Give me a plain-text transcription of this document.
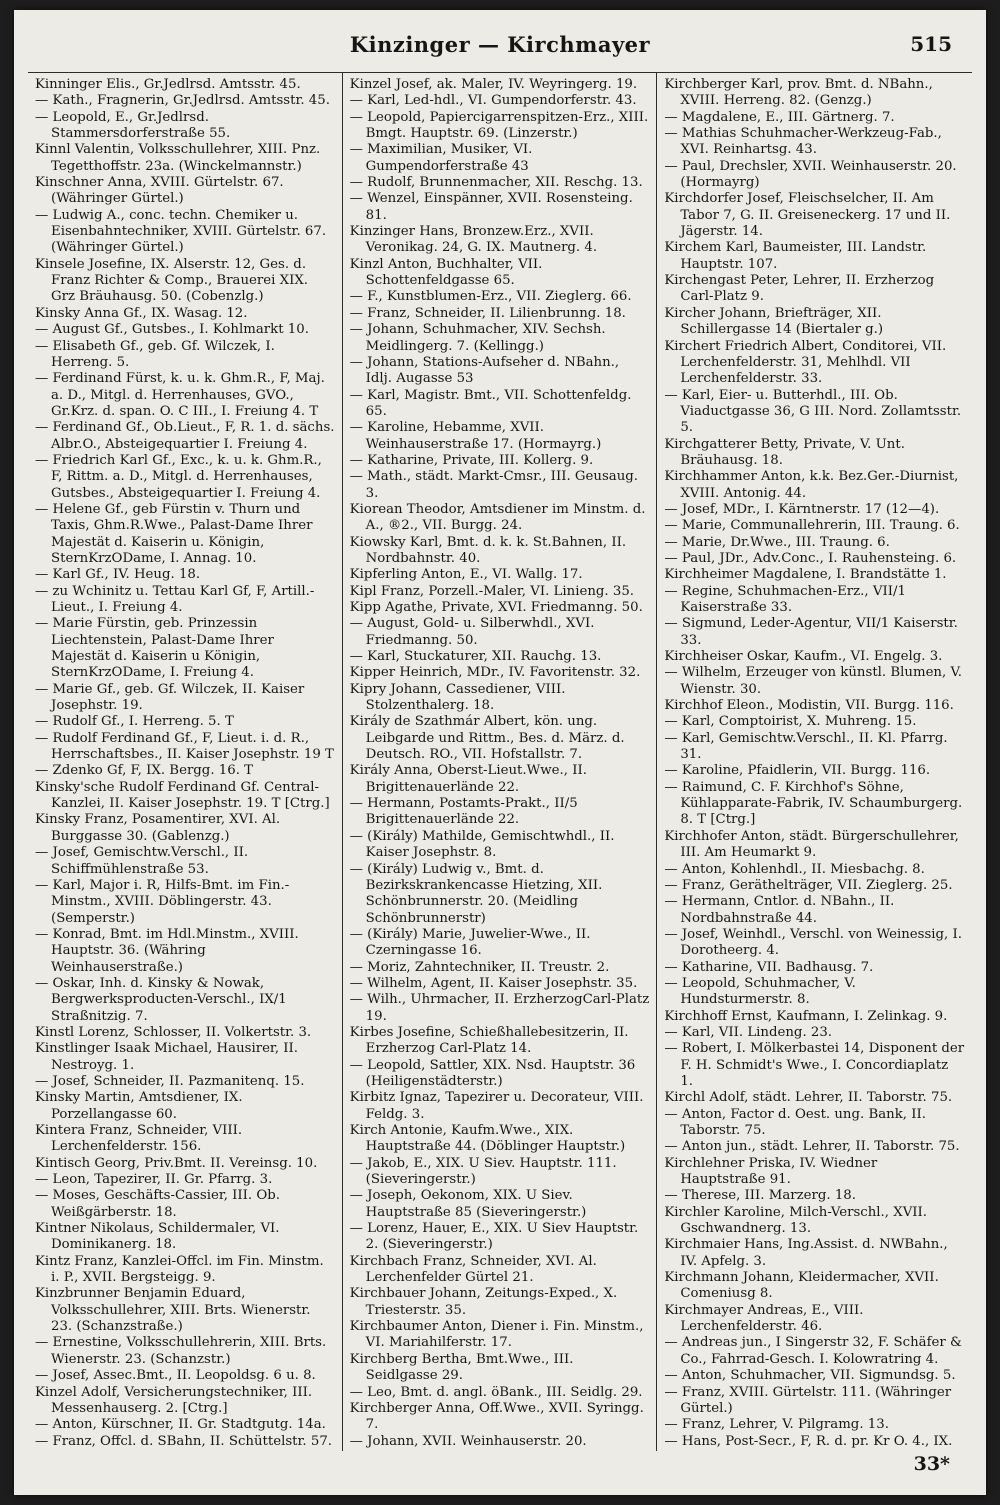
Kinzinger — Kirchmayer	515

Kinninger Elis., Gr.Jedlrsd. Amtsstr. 45.

— Kath., Fragnerin, Gr.Jedlrsd. Amtsstr. 45.

— Leopold, E., Gr.Jedlrsd. Stammersdorferstraße 55.

Kinnl Valentin, Volksschullehrer, XIII. Pnz. Tegetthoffstr. 23a. (Winckelmannstr.)

Kinschner Anna, XVIII. Gürtelstr. 67. (Währinger Gürtel.)

— Ludwig A., conc. techn. Chemiker u. Eisenbahntechniker, XVIII. Gürtelstr. 67. (Währinger Gürtel.)

Kinsele Josefine, IX. Alserstr. 12, Ges. d. Franz Richter & Comp., Brauerei XIX. Grz Bräuhausg. 50. (Cobenzlg.)

Kinsky Anna Gf., IX. Wasag. 12.

— August Gf., Gutsbes., I. Kohlmarkt 10.

— Elisabeth Gf., geb. Gf. Wilczek, I. Herreng. 5.

— Ferdinand Fürst, k. u. k. Ghm.R., F, Maj. a. D., Mitgl. d. Herrenhauses, GVO., Gr.Krz. d. span. O. C III., I. Freiung 4. T

— Ferdinand Gf., Ob.Lieut., F, R. 1. d. sächs. Albr.O., Absteigequartier I. Freiung 4.

— Friedrich Karl Gf., Exc., k. u. k. Ghm.R., F, Rittm. a. D., Mitgl. d. Herrenhauses, Gutsbes., Absteigequartier I. Freiung 4.

— Helene Gf., geb Fürstin v. Thurn und Taxis, Ghm.R.Wwe., Palast-Dame Ihrer Majestät d. Kaiserin u. Königin, SternKrzODame, I. Annag. 10.

— Karl Gf., IV. Heug. 18.

— zu Wchinitz u. Tettau Karl Gf, F, Artill.-Lieut., I. Freiung 4.

— Marie Fürstin, geb. Prinzessin Liechtenstein, Palast-Dame Ihrer Majestät d. Kaiserin u Königin, SternKrzODame, I. Freiung 4.

— Marie Gf., geb. Gf. Wilczek, II. Kaiser Josephstr. 19.

— Rudolf Gf., I. Herreng. 5. T

— Rudolf Ferdinand Gf., F, Lieut. i. d. R., Herrschaftsbes., II. Kaiser Josephstr. 19 T

— Zdenko Gf, F, IX. Bergg. 16. T

Kinsky'sche Rudolf Ferdinand Gf. Central-Kanzlei, II. Kaiser Josephstr. 19. T [Ctrg.]

Kinsky Franz, Posamentirer, XVI. Al. Burggasse 30. (Gablenzg.)

— Josef, Gemischtw.Verschl., II. Schiffmühlenstraße 53.

— Karl, Major i. R, Hilfs-Bmt. im Fin.-Minstm., XVIII. Döblingerstr. 43. (Semperstr.)

— Konrad, Bmt. im Hdl.Minstm., XVIII. Hauptstr. 36. (Währing Weinhauserstraße.)

— Oskar, Inh. d. Kinsky & Nowak, Bergwerksproducten-Verschl., IX/1 Straßnitzig. 7.

Kinstl Lorenz, Schlosser, II. Volkertstr. 3.

Kinstlinger Isaak Michael, Hausirer, II. Nestroyg. 1.

— Josef, Schneider, II. Pazmanitenq. 15.

Kinsky Martin, Amtsdiener, IX. Porzellangasse 60.

Kintera Franz, Schneider, VIII. Lerchenfelderstr. 156.

Kintisch Georg, Priv.Bmt. II. Vereinsg. 10.

— Leon, Tapezirer, II. Gr. Pfarrg. 3.

— Moses, Geschäfts-Cassier, III. Ob. Weißgärberstr. 18.

Kintner Nikolaus, Schildermaler, VI. Dominikanerg. 18.

Kintz Franz, Kanzlei-Offcl. im Fin. Minstm. i. P., XVII. Bergsteigg. 9.

Kinzbrunner Benjamin Eduard, Volksschullehrer, XIII. Brts. Wienerstr. 23. (Schanzstraße.)

— Ernestine, Volksschullehrerin, XIII. Brts. Wienerstr. 23. (Schanzstr.)

— Josef, Assec.Bmt., II. Leopoldsg. 6 u. 8.

Kinzel Adolf, Versicherungstechniker, III. Messenhauserg. 2. [Ctrg.]

— Anton, Kürschner, II. Gr. Stadtgutg. 14a.

— Franz, Offcl. d. SBahn, II. Schüttelstr. 57.

Kinzel Josef, ak. Maler, IV. Weyringerg. 19.

— Karl, Led-hdl., VI. Gumpendorferstr. 43.

— Leopold, Papiercigarrenspitzen-Erz., XIII. Bmgt. Hauptstr. 69. (Linzerstr.)

— Maximilian, Musiker, VI. Gumpendorferstraße 43

— Rudolf, Brunnenmacher, XII. Reschg. 13.

— Wenzel, Einspänner, XVII. Rosensteing. 81.

Kinzinger Hans, Bronzew.Erz., XVII. Veronikag. 24, G. IX. Mautnerg. 4.

Kinzl Anton, Buchhalter, VII. Schottenfeldgasse 65.

— F., Kunstblumen-Erz., VII. Zieglerg. 66.

— Franz, Schneider, II. Lilienbrunng. 18.

— Johann, Schuhmacher, XIV. Sechsh. Meidlingerg. 7. (Kellingg.)

— Johann, Stations-Aufseher d. NBahn., Idlj. Augasse 53

— Karl, Magistr. Bmt., VII. Schottenfeldg. 65.

— Karoline, Hebamme, XVII. Weinhauserstraße 17. (Hormayrg.)

— Katharine, Private, III. Kollerg. 9.

— Math., städt. Markt-Cmsr., III. Geusaug. 3.

Kiorean Theodor, Amtsdiener im Minstm. d. A., ®2., VII. Burgg. 24.

Kiowsky Karl, Bmt. d. k. k. St.Bahnen, II. Nordbahnstr. 40.

Kipferling Anton, E., VI. Wallg. 17.

Kipl Franz, Porzell.-Maler, VI. Linieng. 35.

Kipp Agathe, Private, XVI. Friedmanng. 50.

— August, Gold- u. Silberwhdl., XVI. Friedmanng. 50.

— Karl, Stuckaturer, XII. Rauchg. 13.

Kipper Heinrich, MDr., IV. Favoritenstr. 32.

Kipry Johann, Cassediener, VIII. Stolzenthalerg. 18.

Király de Szathmár Albert, kön. ung. Leibgarde und Rittm., Bes. d. März. d. Deutsch. RO., VII. Hofstallstr. 7.

Király Anna, Oberst-Lieut.Wwe., II. Brigittenauerlände 22.

— Hermann, Postamts-Prakt., II/5 Brigittenauerlände 22.

— (Király) Mathilde, Gemischtwhdl., II. Kaiser Josephstr. 8.

— (Király) Ludwig v., Bmt. d. Bezirkskrankencasse Hietzing, XII. Schönbrunnerstr. 20. (Meidling Schönbrunnerstr)

— (Király) Marie, Juwelier-Wwe., II. Czerningasse 16.

— Moriz, Zahntechniker, II. Treustr. 2.

— Wilhelm, Agent, II. Kaiser Josephstr. 35.

— Wilh., Uhrmacher, II. ErzherzogCarl-Platz 19.

Kirbes Josefine, Schießhallebesitzerin, II. Erzherzog Carl-Platz 14.

— Leopold, Sattler, XIX. Nsd. Hauptstr. 36 (Heiligenstädterstr.)

Kirbitz Ignaz, Tapezirer u. Decorateur, VIII. Feldg. 3.

Kirch Antonie, Kaufm.Wwe., XIX. Hauptstraße 44. (Döblinger Hauptstr.)

— Jakob, E., XIX. U Siev. Hauptstr. 111. (Sieveringerstr.)

— Joseph, Oekonom, XIX. U Siev. Hauptstraße 85 (Sieveringerstr.)

— Lorenz, Hauer, E., XIX. U Siev Hauptstr. 2. (Sieveringerstr.)

Kirchbach Franz, Schneider, XVI. Al. Lerchenfelder Gürtel 21.

Kirchbauer Johann, Zeitungs-Exped., X. Triesterstr. 35.

Kirchbaumer Anton, Diener i. Fin. Minstm., VI. Mariahilferstr. 17.

Kirchberg Bertha, Bmt.Wwe., III. Seidlgasse 29.

— Leo, Bmt. d. angl. öBank., III. Seidlg. 29.

Kirchberger Anna, Off.Wwe., XVII. Syringg. 7.

— Johann, XVII. Weinhauserstr. 20.

Kirchberger Karl, prov. Bmt. d. NBahn., XVIII. Herreng. 82. (Genzg.)

— Magdalene, E., III. Gärtnerg. 7.

— Mathias Schuhmacher-Werkzeug-Fab., XVI. Reinhartsg. 43.

— Paul, Drechsler, XVII. Weinhauserstr. 20. (Hormayrg)

Kirchdorfer Josef, Fleischselcher, II. Am Tabor 7, G. II. Greiseneckerg. 17 und II. Jägerstr. 14.

Kirchem Karl, Baumeister, III. Landstr. Hauptstr. 107.

Kirchengast Peter, Lehrer, II. Erzherzog Carl-Platz 9.

Kircher Johann, Briefträger, XII. Schillergasse 14 (Biertaler g.)

Kirchert Friedrich Albert, Conditorei, VII. Lerchenfelderstr. 31, Mehlhdl. VII Lerchenfelderstr. 33.

— Karl, Eier- u. Butterhdl., III. Ob. Viaductgasse 36, G III. Nord. Zollamtsstr. 5.

Kirchgatterer Betty, Private, V. Unt. Bräuhausg. 18.

Kirchhammer Anton, k.k. Bez.Ger.-Diurnist, XVIII. Antonig. 44.

— Josef, MDr., I. Kärntnerstr. 17 (12—4).

— Marie, Communallehrerin, III. Traung. 6.

— Marie, Dr.Wwe., III. Traung. 6.

— Paul, JDr., Adv.Conc., I. Rauhensteing. 6.

Kirchheimer Magdalene, I. Brandstätte 1.

— Regine, Schuhmachen-Erz., VII/1 Kaiserstraße 33.

— Sigmund, Leder-Agentur, VII/1 Kaiserstr. 33.

Kirchheiser Oskar, Kaufm., VI. Engelg. 3.

— Wilhelm, Erzeuger von künstl. Blumen, V. Wienstr. 30.

Kirchhof Eleon., Modistin, VII. Burgg. 116.

— Karl, Comptoirist, X. Muhreng. 15.

— Karl, Gemischtw.Verschl., II. Kl. Pfarrg. 31.

— Karoline, Pfaidlerin, VII. Burgg. 116.

— Raimund, C. F. Kirchhof's Söhne, Kühlapparate-Fabrik, IV. Schaumburgerg. 8. T [Ctrg.]

Kirchhofer Anton, städt. Bürgerschullehrer, III. Am Heumarkt 9.

— Anton, Kohlenhdl., II. Miesbachg. 8.

— Franz, Geräthelträger, VII. Zieglerg. 25.

— Hermann, Cntlor. d. NBahn., II. Nordbahnstraße 44.

— Josef, Weinhdl., Verschl. von Weinessig, I. Dorotheerg. 4.

— Katharine, VII. Badhausg. 7.

— Leopold, Schuhmacher, V. Hundsturmerstr. 8.

Kirchhoff Ernst, Kaufmann, I. Zelinkag. 9.

— Karl, VII. Lindeng. 23.

— Robert, I. Mölkerbastei 14, Disponent der F. H. Schmidt's Wwe., I. Concordiaplatz 1.

Kirchl Adolf, städt. Lehrer, II. Taborstr. 75.

— Anton, Factor d. Oest. ung. Bank, II. Taborstr. 75.

— Anton jun., städt. Lehrer, II. Taborstr. 75.

Kirchlehner Priska, IV. Wiedner Hauptstraße 91.

— Therese, III. Marzerg. 18.

Kirchler Karoline, Milch-Verschl., XVII. Gschwandnerg. 13.

Kirchmaier Hans, Ing.Assist. d. NWBahn., IV. Apfelg. 3.

Kirchmann Johann, Kleidermacher, XVII. Comeniusg 8.

Kirchmayer Andreas, E., VIII. Lerchenfelderstr. 46.

— Andreas jun., I Singerstr 32, F. Schäfer & Co., Fahrrad-Gesch. I. Kolowratring 4.

— Anton, Schuhmacher, VII. Sigmundsg. 5.

— Franz, XVIII. Gürtelstr. 111. (Währinger Gürtel.)

— Franz, Lehrer, V. Pilgramg. 13.

— Hans, Post-Secr., F, R. d. pr. Kr O. 4., IX.

33*
